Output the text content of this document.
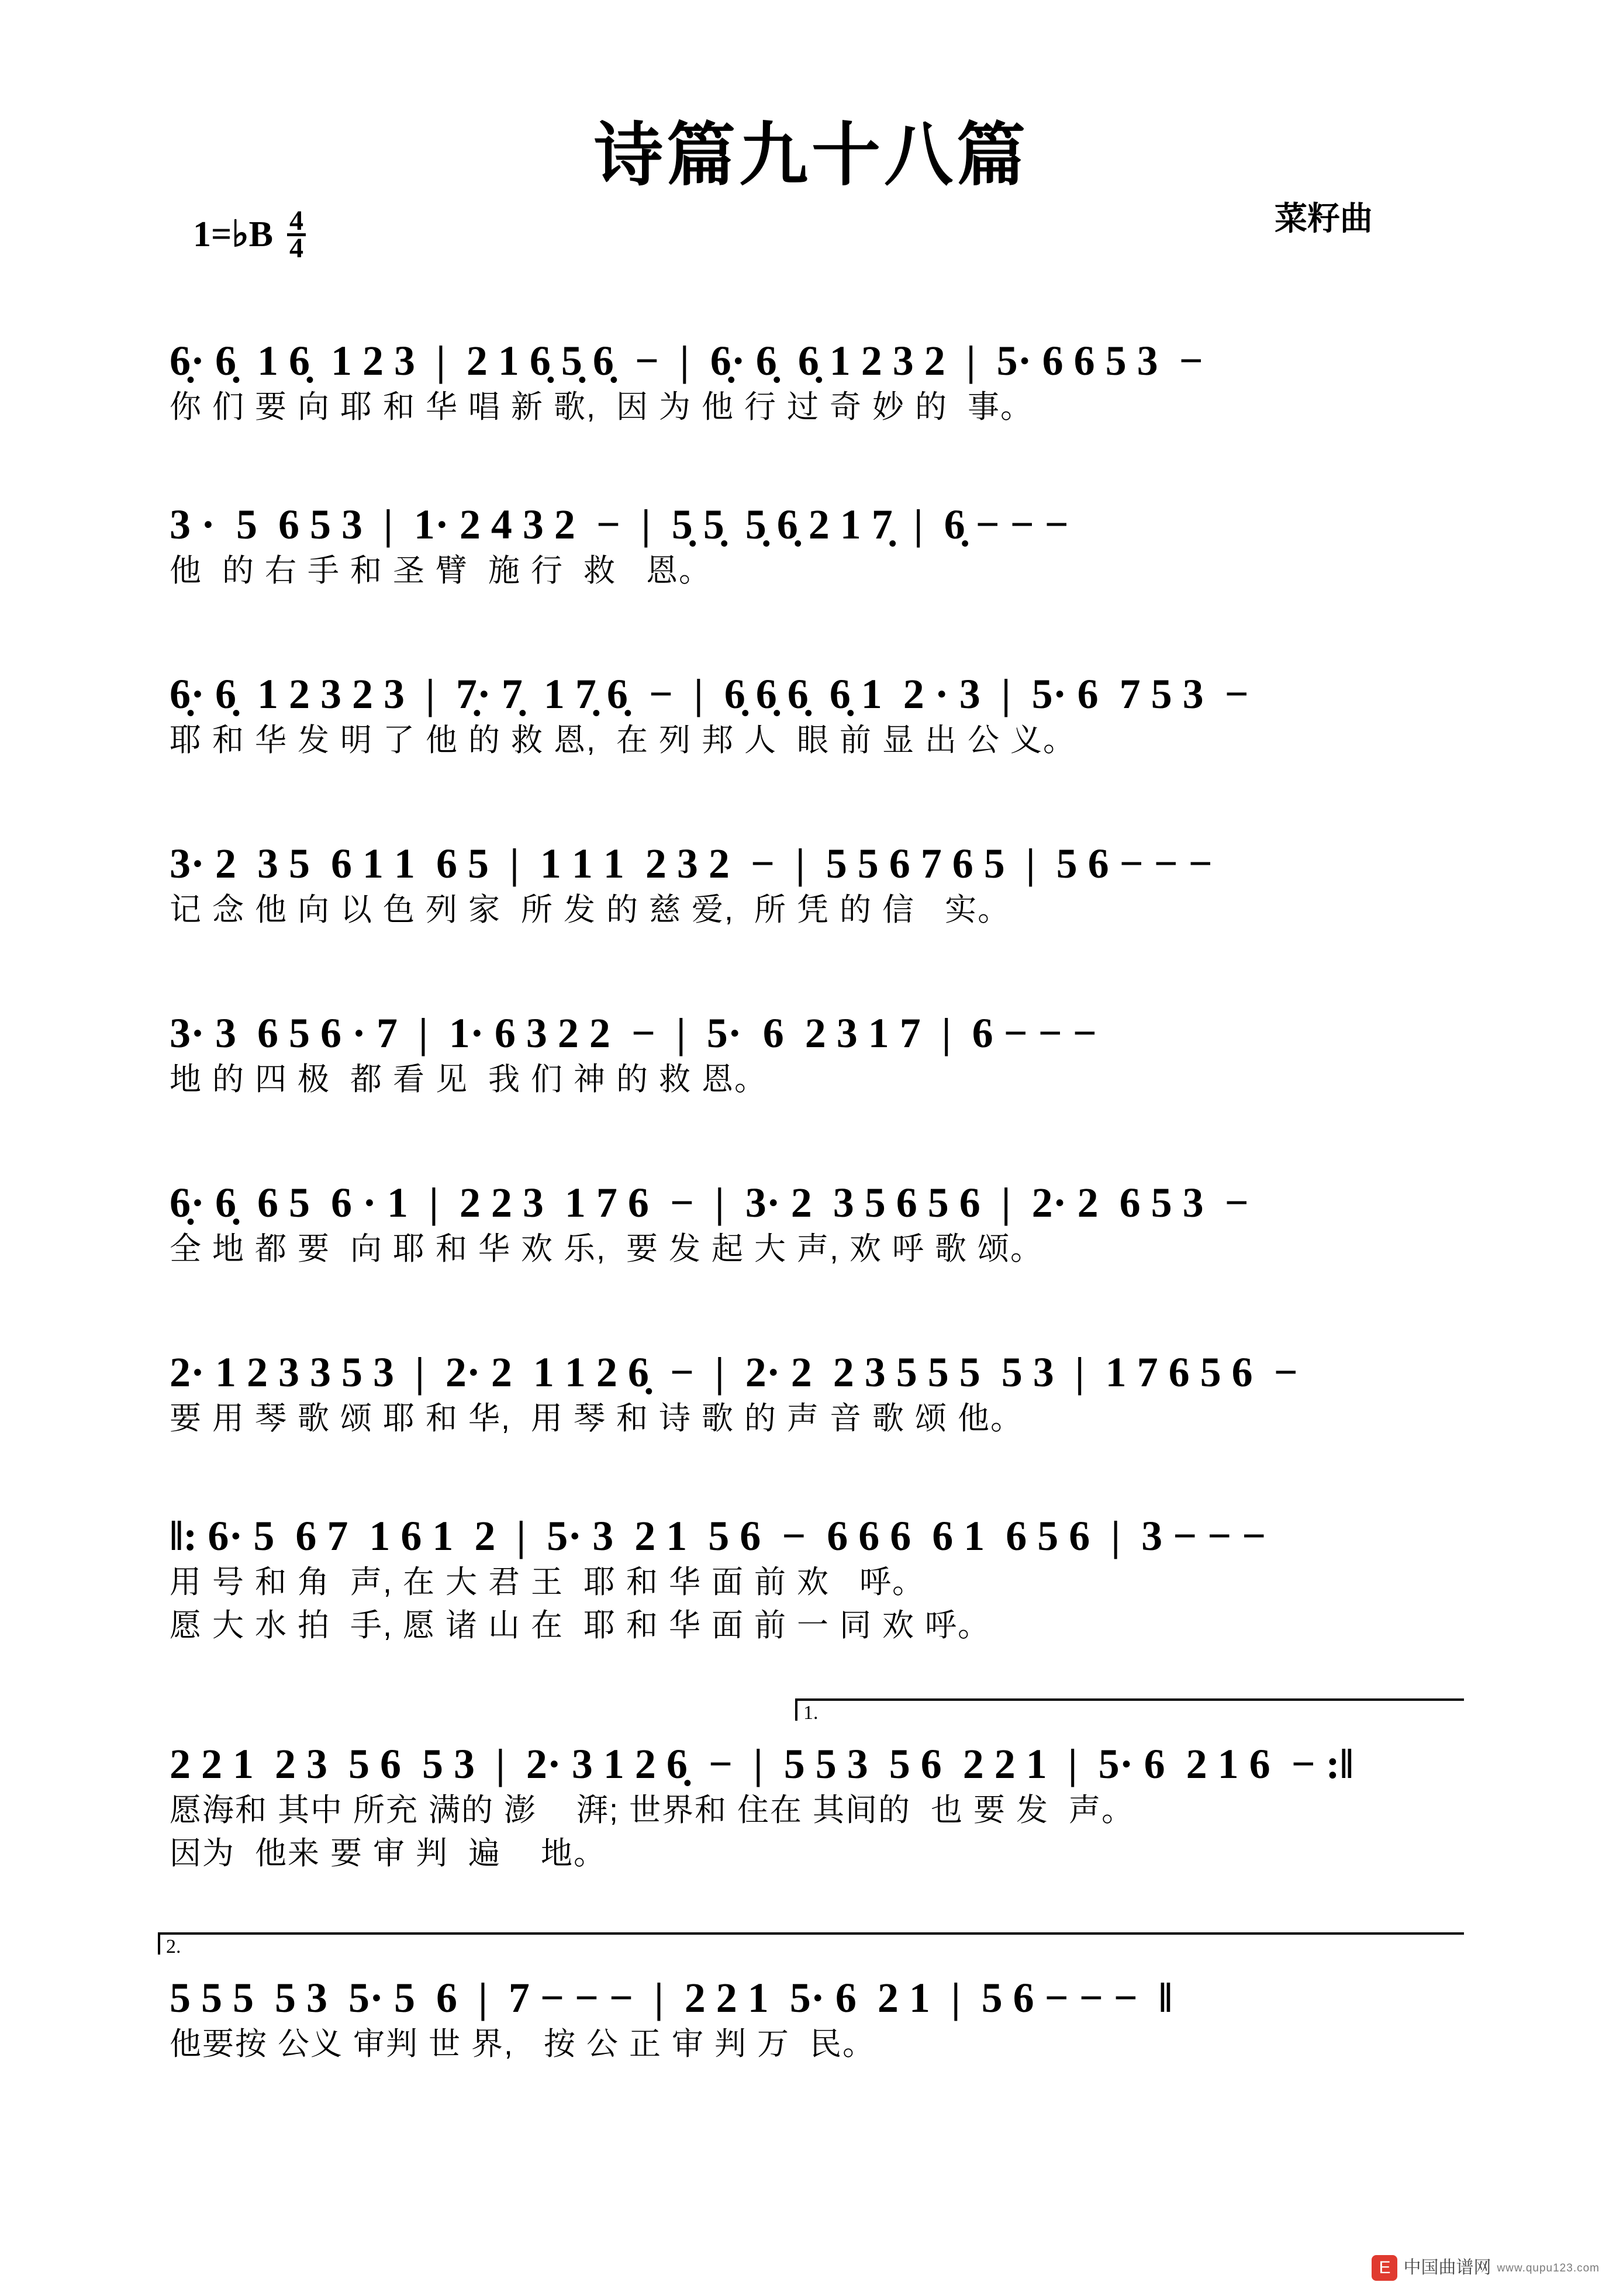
诗篇九十八篇
菜籽曲
1=♭B $\frac{4}{4}$
6̣· 6̣  1 6̣  1 2 3  |  2 1 6̣ 5̣ 6̣  −  |  6̣· 6̣  6̣ 1 2 3 2  |  5· 6 6 5 3  −
你 们 要 向 耶 和 华 唱 新 歌,  因 为 他 行 过 奇 妙 的  事。
3 ·  5  6 5 3  |  1· 2 4 3 2  −  |  5̣ 5̣  5̣ 6̣ 2 1 7̣  |  6̣ − − −
他  的 右 手 和 圣 臂  施 行  救   恩。
6̣· 6̣  1 2 3 2 3  |  7̣· 7̣  1 7̣ 6̣  −  |  6̣ 6̣ 6̣  6̣ 1  2 · 3  |  5· 6  7 5 3  −
耶 和 华 发 明 了 他 的 救 恩,  在 列 邦 人  眼 前 显 出 公 义。
3· 2  3 5  6 1 1  6 5  |  1 1 1  2 3 2  −  |  5 5 6 7 6 5  |  5 6 − − −
记 念 他 向 以 色 列 家  所 发 的 慈 爱,  所 凭 的 信   实。
3· 3  6 5 6 · 7  |  1· 6 3 2 2  −  |  5·  6  2 3 1 7  |  6 − − −
地 的 四 极  都 看 见  我 们 神 的 救 恩。
6̣· 6̣  6 5  6 · 1  |  2 2 3  1 7 6  −  |  3· 2  3 5 6 5 6  |  2· 2  6 5 3  −
全 地 都 要  向 耶 和 华 欢 乐,  要 发 起 大 声, 欢 呼 歌 颂。
2· 1 2 3 3 5 3  |  2· 2  1 1 2 6̣  −  |  2· 2  2 3 5 5 5  5 3  |  1 7 6 5 6  −
要 用 琴 歌 颂 耶 和 华,  用 琴 和 诗 歌 的 声 音 歌 颂 他。
‖: 6· 5  6 7  1 6 1  2  |  5· 3  2 1  5 6  −  6 6 6  6 1  6 5 6  |  3 − − −
用 号 和 角  声, 在 大 君 王  耶 和 华 面 前 欢   呼。
愿 大 水 拍  手, 愿 诸 山 在  耶 和 华 面 前 一 同 欢 呼。
1.
2 2 1  2 3  5 6  5 3  |  2· 3 1 2 6̣  −  |  5 5 3  5 6  2 2 1  |  5· 6  2 1 6  − :‖
愿海和 其中 所充 满的 澎    湃; 世界和 住在 其间的  也 要 发  声。
因为  他来 要 审 判  遍    地。
2.
5 5 5  5 3  5· 5  6  |  7 − − −  |  2 2 1  5· 6  2 1  |  5 6 − − −  ‖
他要按 公义 审判 世 界,   按 公 正 审 判 万  民。
E 中国曲谱网 www.qupu123.com
